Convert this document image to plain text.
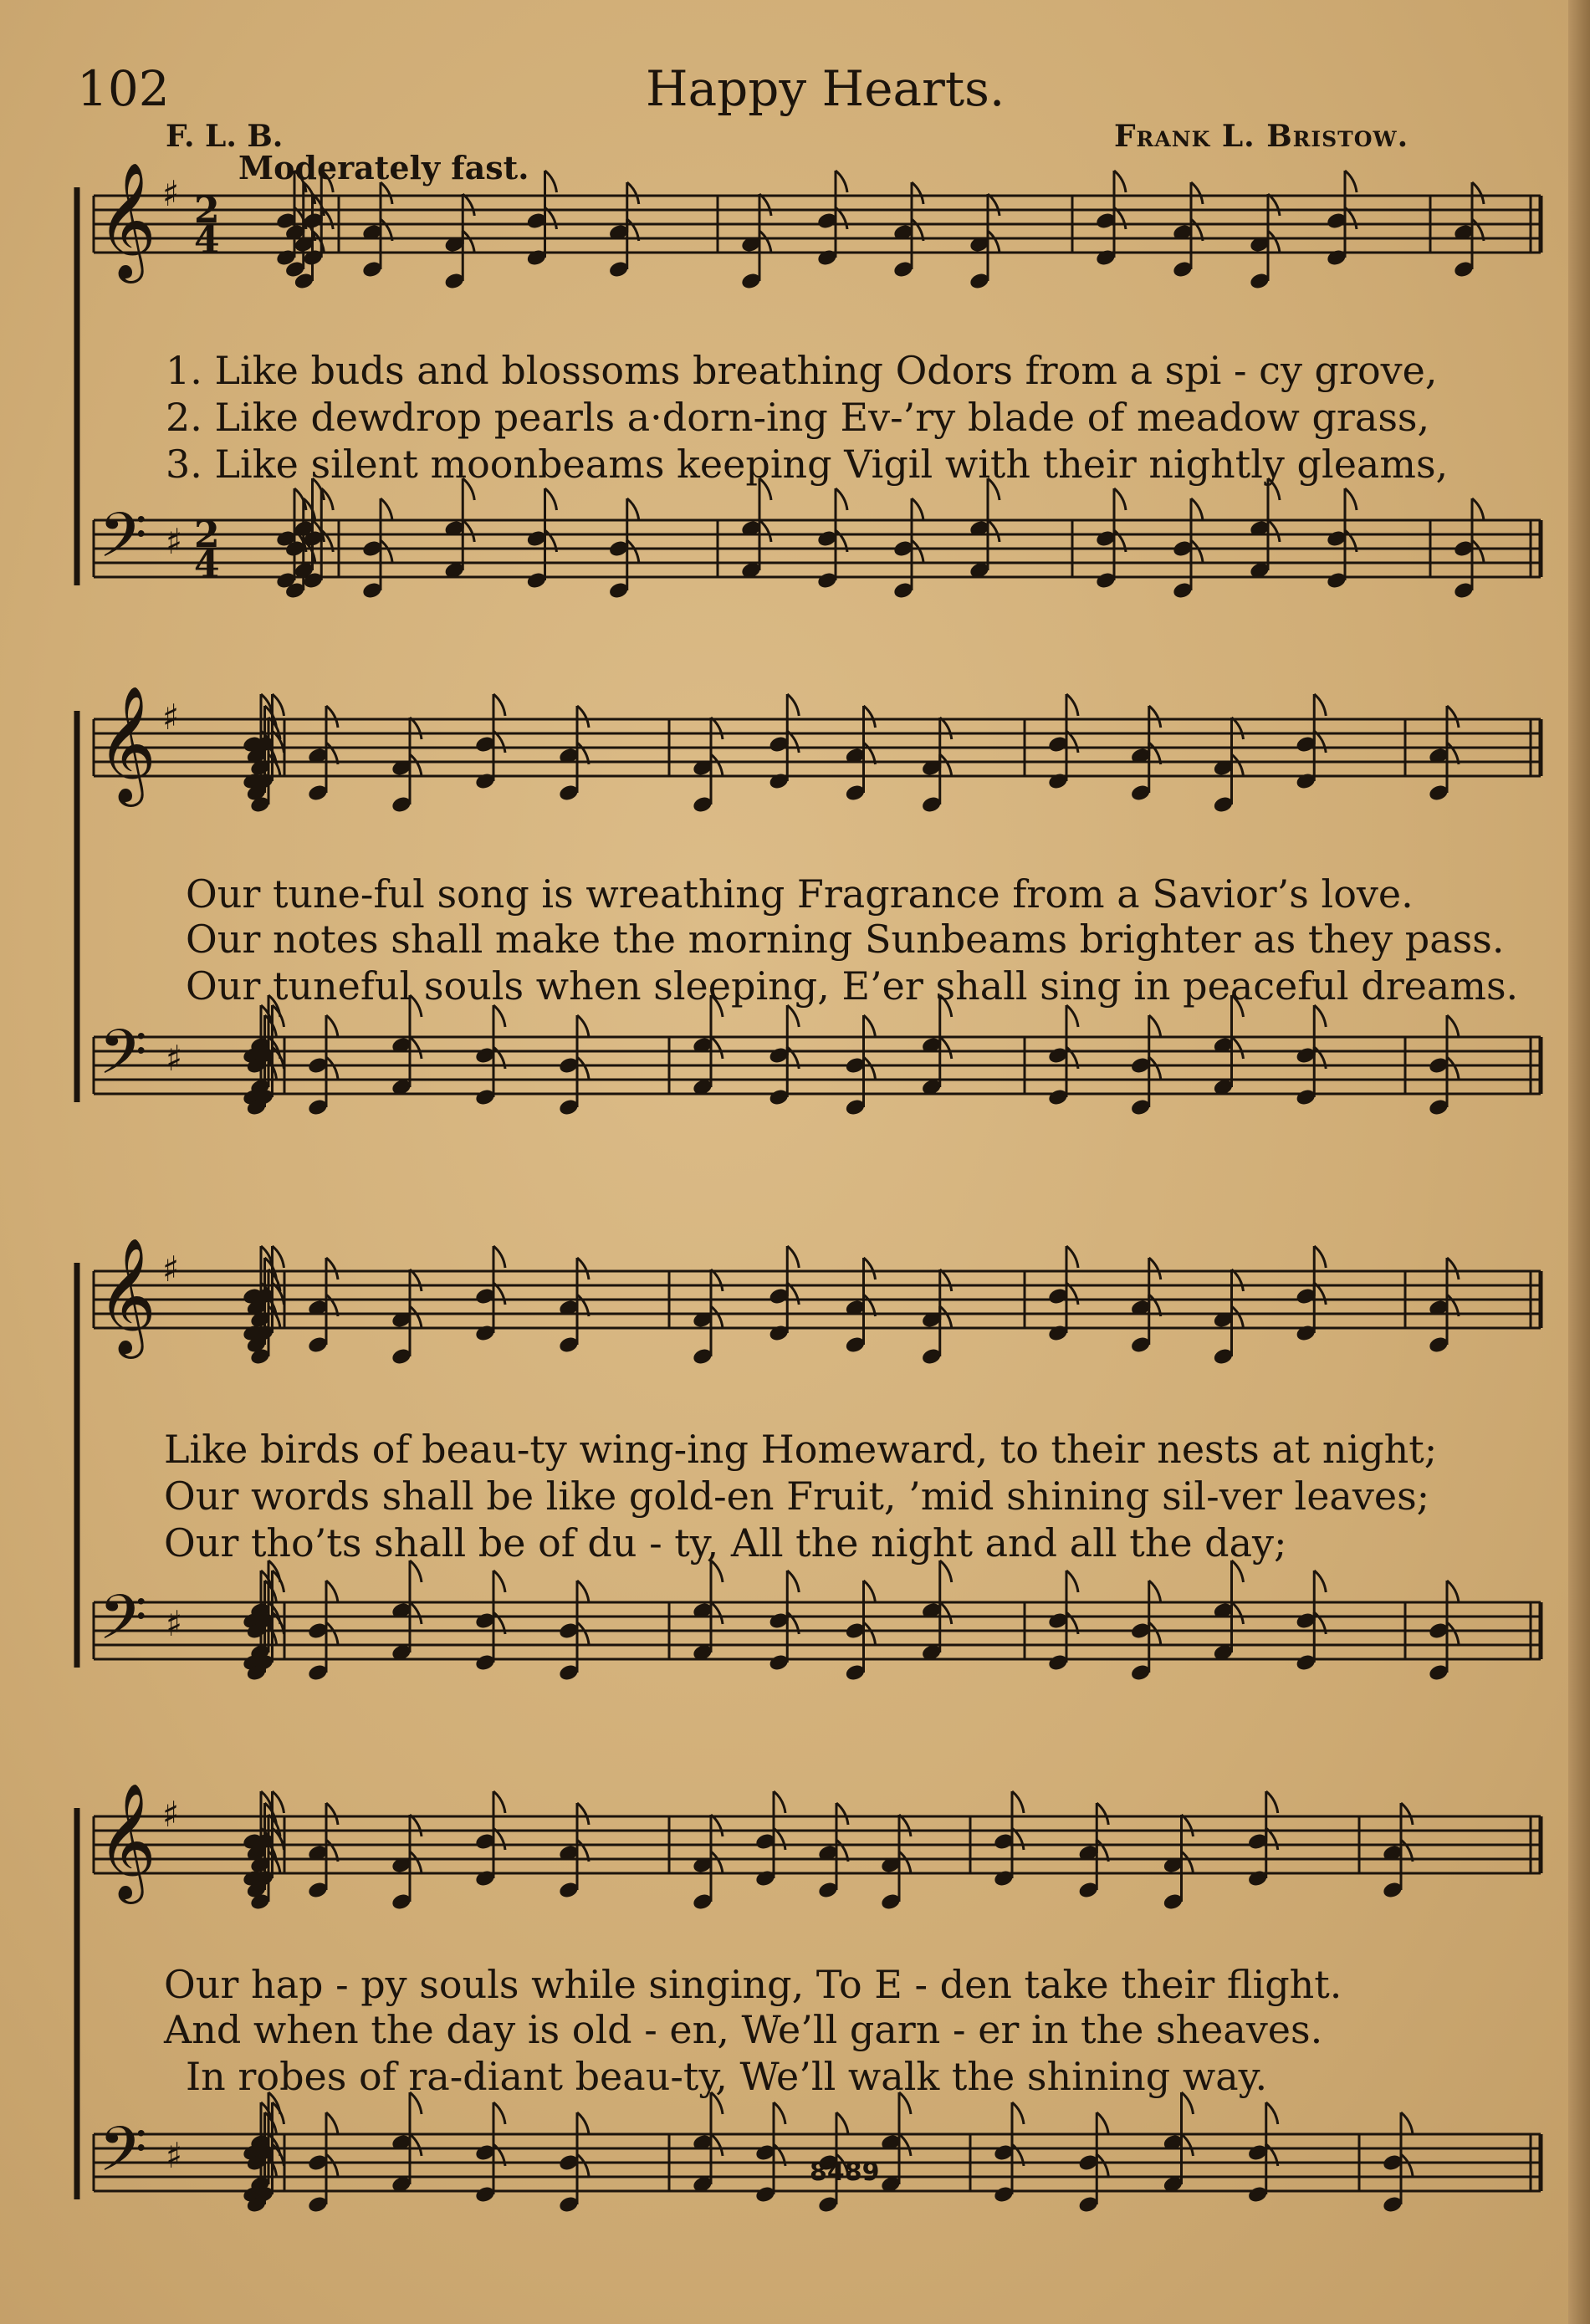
102	Happy Hearts.
F. L. B.	Frank L. Bristow.
Moderately fast.
𝄞
𝄢
♯
♯
2
4
2
4
𝄞
𝄢
♯
♯
𝄞
𝄢
♯
♯
𝄞
𝄢
♯
♯
1. Like buds and blossoms breathing Odors from a spi - cy grove,
2. Like dewdrop pearls a·dorn-ing Ev-’ry blade of meadow grass,
3. Like silent moonbeams keeping Vigil with their nightly gleams,
Our tune-ful song is wreathing Fragrance from a Savior’s love.
Our notes shall make the morning Sunbeams brighter as they pass.
Our tuneful souls when sleeping, E’er shall sing in peaceful dreams.
Like birds of beau-ty wing-ing Homeward, to their nests at night;
Our words shall be like gold-en Fruit, ’mid shining sil-ver leaves;
Our tho’ts shall be of du - ty, All the night and all the day;
Our hap - py souls while singing, To E - den take their flight.
And when the day is old - en, We’ll garn - er in the sheaves.
In robes of ra-diant beau-ty, We’ll walk the shining way.
8489
